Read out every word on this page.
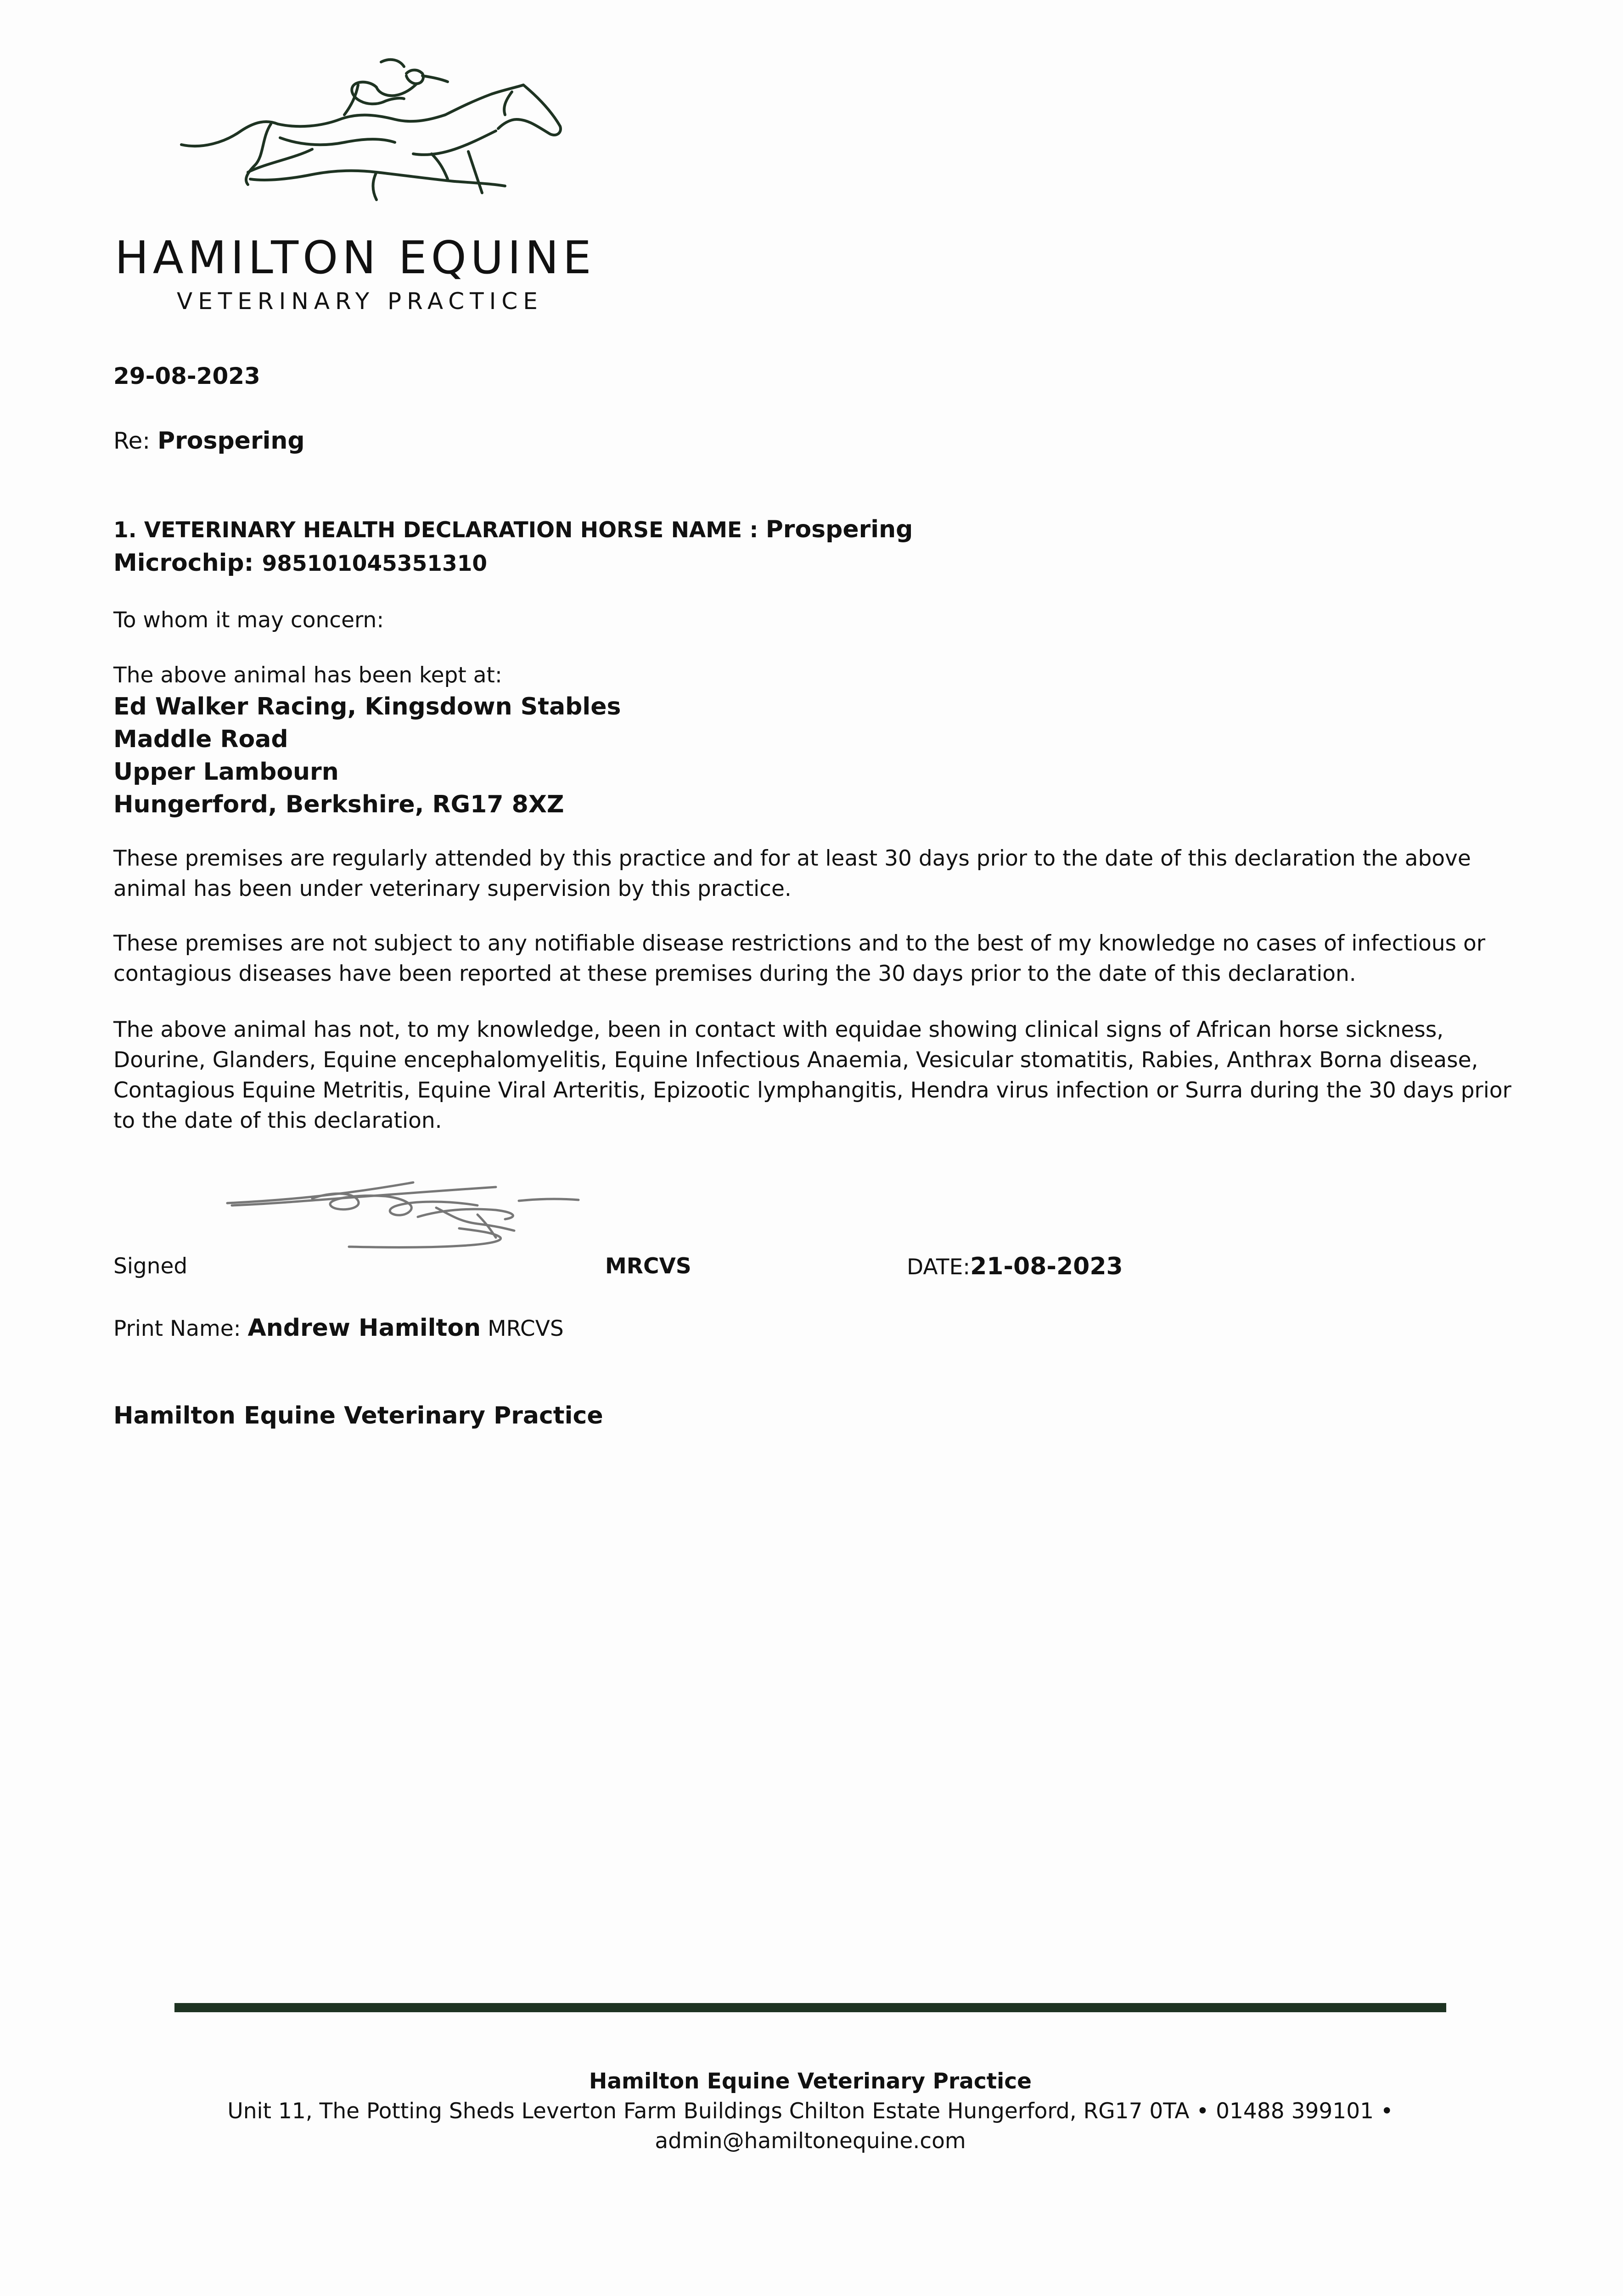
HAMILTON EQUINE
VETERINARY PRACTICE
29-08-2023
Re: Prospering
1. VETERINARY HEALTH DECLARATION HORSE NAME : Prospering
Microchip: 985101045351310
To whom it may concern:
The above animal has been kept at:
Ed Walker Racing, Kingsdown Stables
Maddle Road
Upper Lambourn
Hungerford, Berkshire, RG17 8XZ
These premises are regularly attended by this practice and for at least 30 days prior to the date of this declaration the above animal has been under veterinary supervision by this practice.
These premises are not subject to any notifiable disease restrictions and to the best of my knowledge no cases of infectious or contagious diseases have been reported at these premises during the 30 days prior to the date of this declaration.
The above animal has not, to my knowledge, been in contact with equidae showing clinical signs of African horse sickness, Dourine, Glanders, Equine encephalomyelitis, Equine Infectious Anaemia, Vesicular stomatitis, Rabies, Anthrax Borna disease, Contagious Equine Metritis, Equine Viral Arteritis, Epizootic lymphangitis, Hendra virus infection or Surra during the 30 days prior to the date of this declaration.
Signed	MRCVS	DATE:21-08-2023
Print Name: Andrew Hamilton MRCVS
Hamilton Equine Veterinary Practice
Hamilton Equine Veterinary Practice
Unit 11, The Potting Sheds Leverton Farm Buildings Chilton Estate Hungerford, RG17 0TA • 01488 399101 •
admin@hamiltonequine.com
